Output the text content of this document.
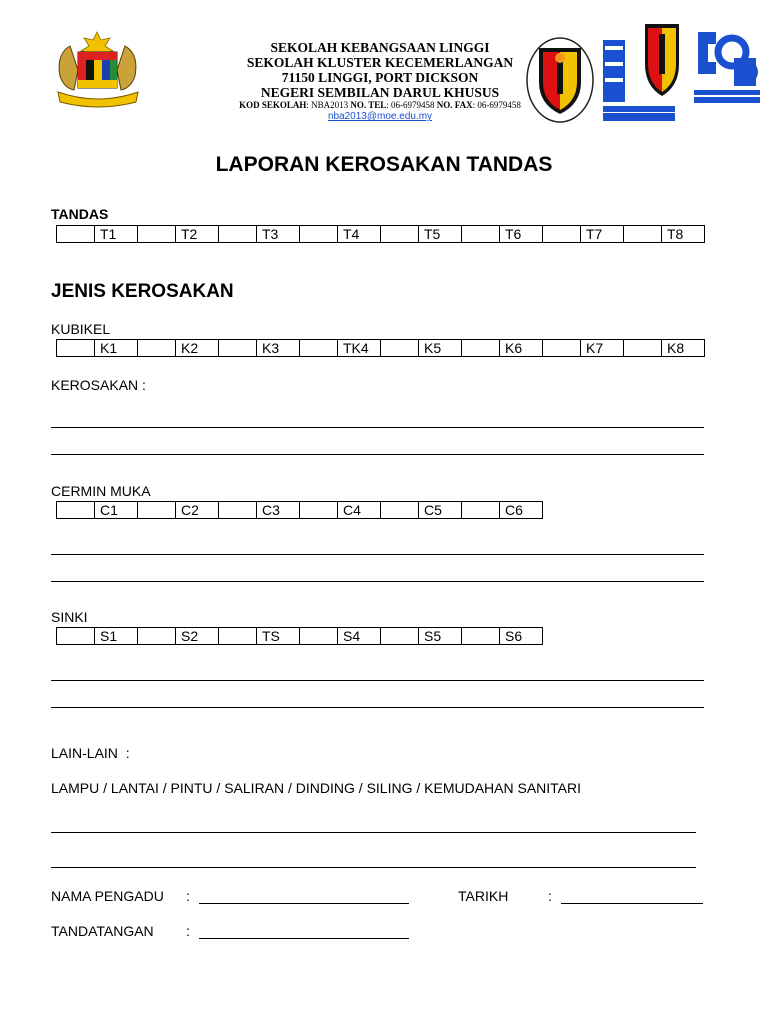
SEKOLAH KEBANGSAAN LINGGI
SEKOLAH KLUSTER KECEMERLANGAN
71150 LINGGI, PORT DICKSON
NEGERI SEMBILAN DARUL KHUSUS
KOD SEKOLAH: NBA2013 NO. TEL: 06-6979458 NO. FAX: 06-6979458
nba2013@moe.edu.my
LAPORAN KEROSAKAN TANDAS
TANDAS
	T1		T2		T3		T4		T5		T6		T7		T8
JENIS KEROSAKAN
KUBIKEL
	K1		K2		K3		TK4		K5		K6		K7		K8
KEROSAKAN :
CERMIN MUKA
	C1		C2		C3		C4		C5		C6
SINKI
	S1		S2		TS		S4		S5		S6
LAIN-LAIN  :
LAMPU / LANTAI / PINTU / SALIRAN / DINDING / SILING / KEMUDAHAN SANITARI
NAMA PENGADU :	TARIKH	:
TANDATANGAN :
